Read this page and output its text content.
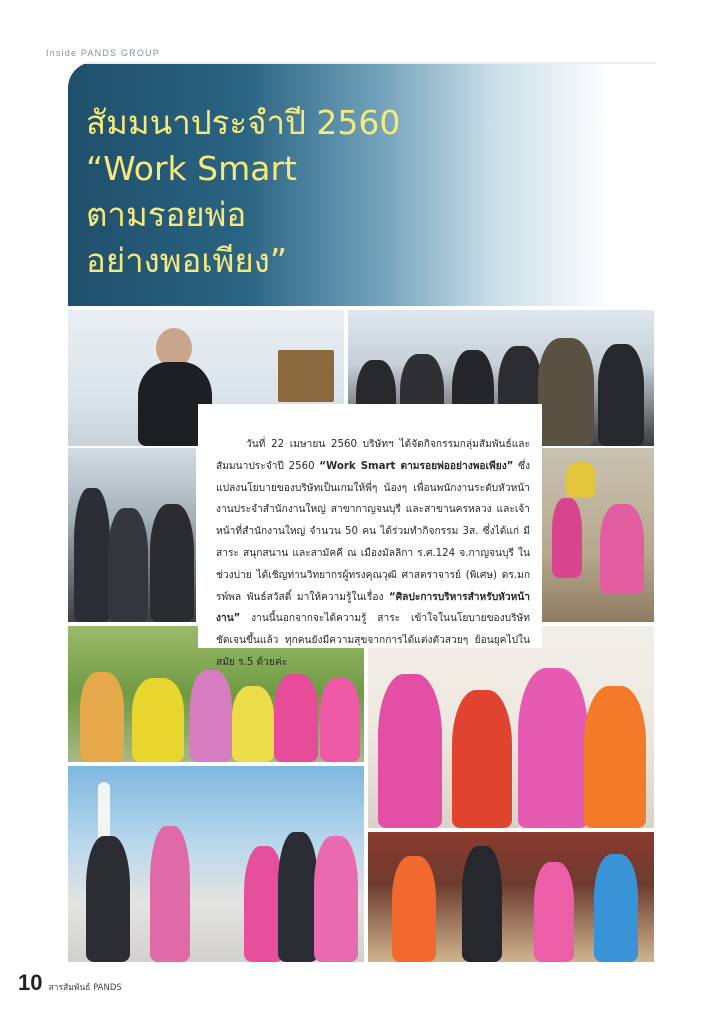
Inside PANDS GROUP
สัมมนาประจำปี 2560
“Work Smart
ตามรอยพ่อ
อย่างพอเพียง”

วันที่ 22 เมษายน 2560 บริษัทฯ ได้จัดกิจกรรมกลุ่มสัมพันธ์และสัมมนาประจำปี 2560 “Work Smart ตามรอยพ่ออย่างพอเพียง” ซึ่งแปลงนโยบายของบริษัทเป็นเกมให้พี่ๆ น้องๆ เพื่อนพนักงานระดับหัวหน้างานประจำสำนักงานใหญ่ สาขากาญจนบุรี และสาขานครหลวง และเจ้าหน้าที่สำนักงานใหญ่ จำนวน 50 คน ได้ร่วมทำกิจกรรม 3ส. ซึ่งได้แก่ มีสาระ สนุกสนาน และสามัคคี ณ เมืองมัลลิกา ร.ศ.124 จ.กาญจนบุรี ในช่วงบ่าย ได้เชิญท่านวิทยากรผู้ทรงคุณวุฒิ ศาสตราจารย์ (พิเศษ) ดร.มกรพ์พล พันธ์สวัสดิ์ มาให้ความรู้ในเรื่อง “ศิลปะการบริหารสำหรับหัวหน้างาน” งานนี้นอกจากจะได้ความรู้ สาระ เข้าใจในนโยบายของบริษัทชัดเจนขึ้นแล้ว ทุกคนยังมีความสุขจากการได้แต่งตัวสวยๆ ย้อนยุคไปในสมัย ร.5 ด้วยค่ะ

10 สารสัมพันธ์ PANDS
